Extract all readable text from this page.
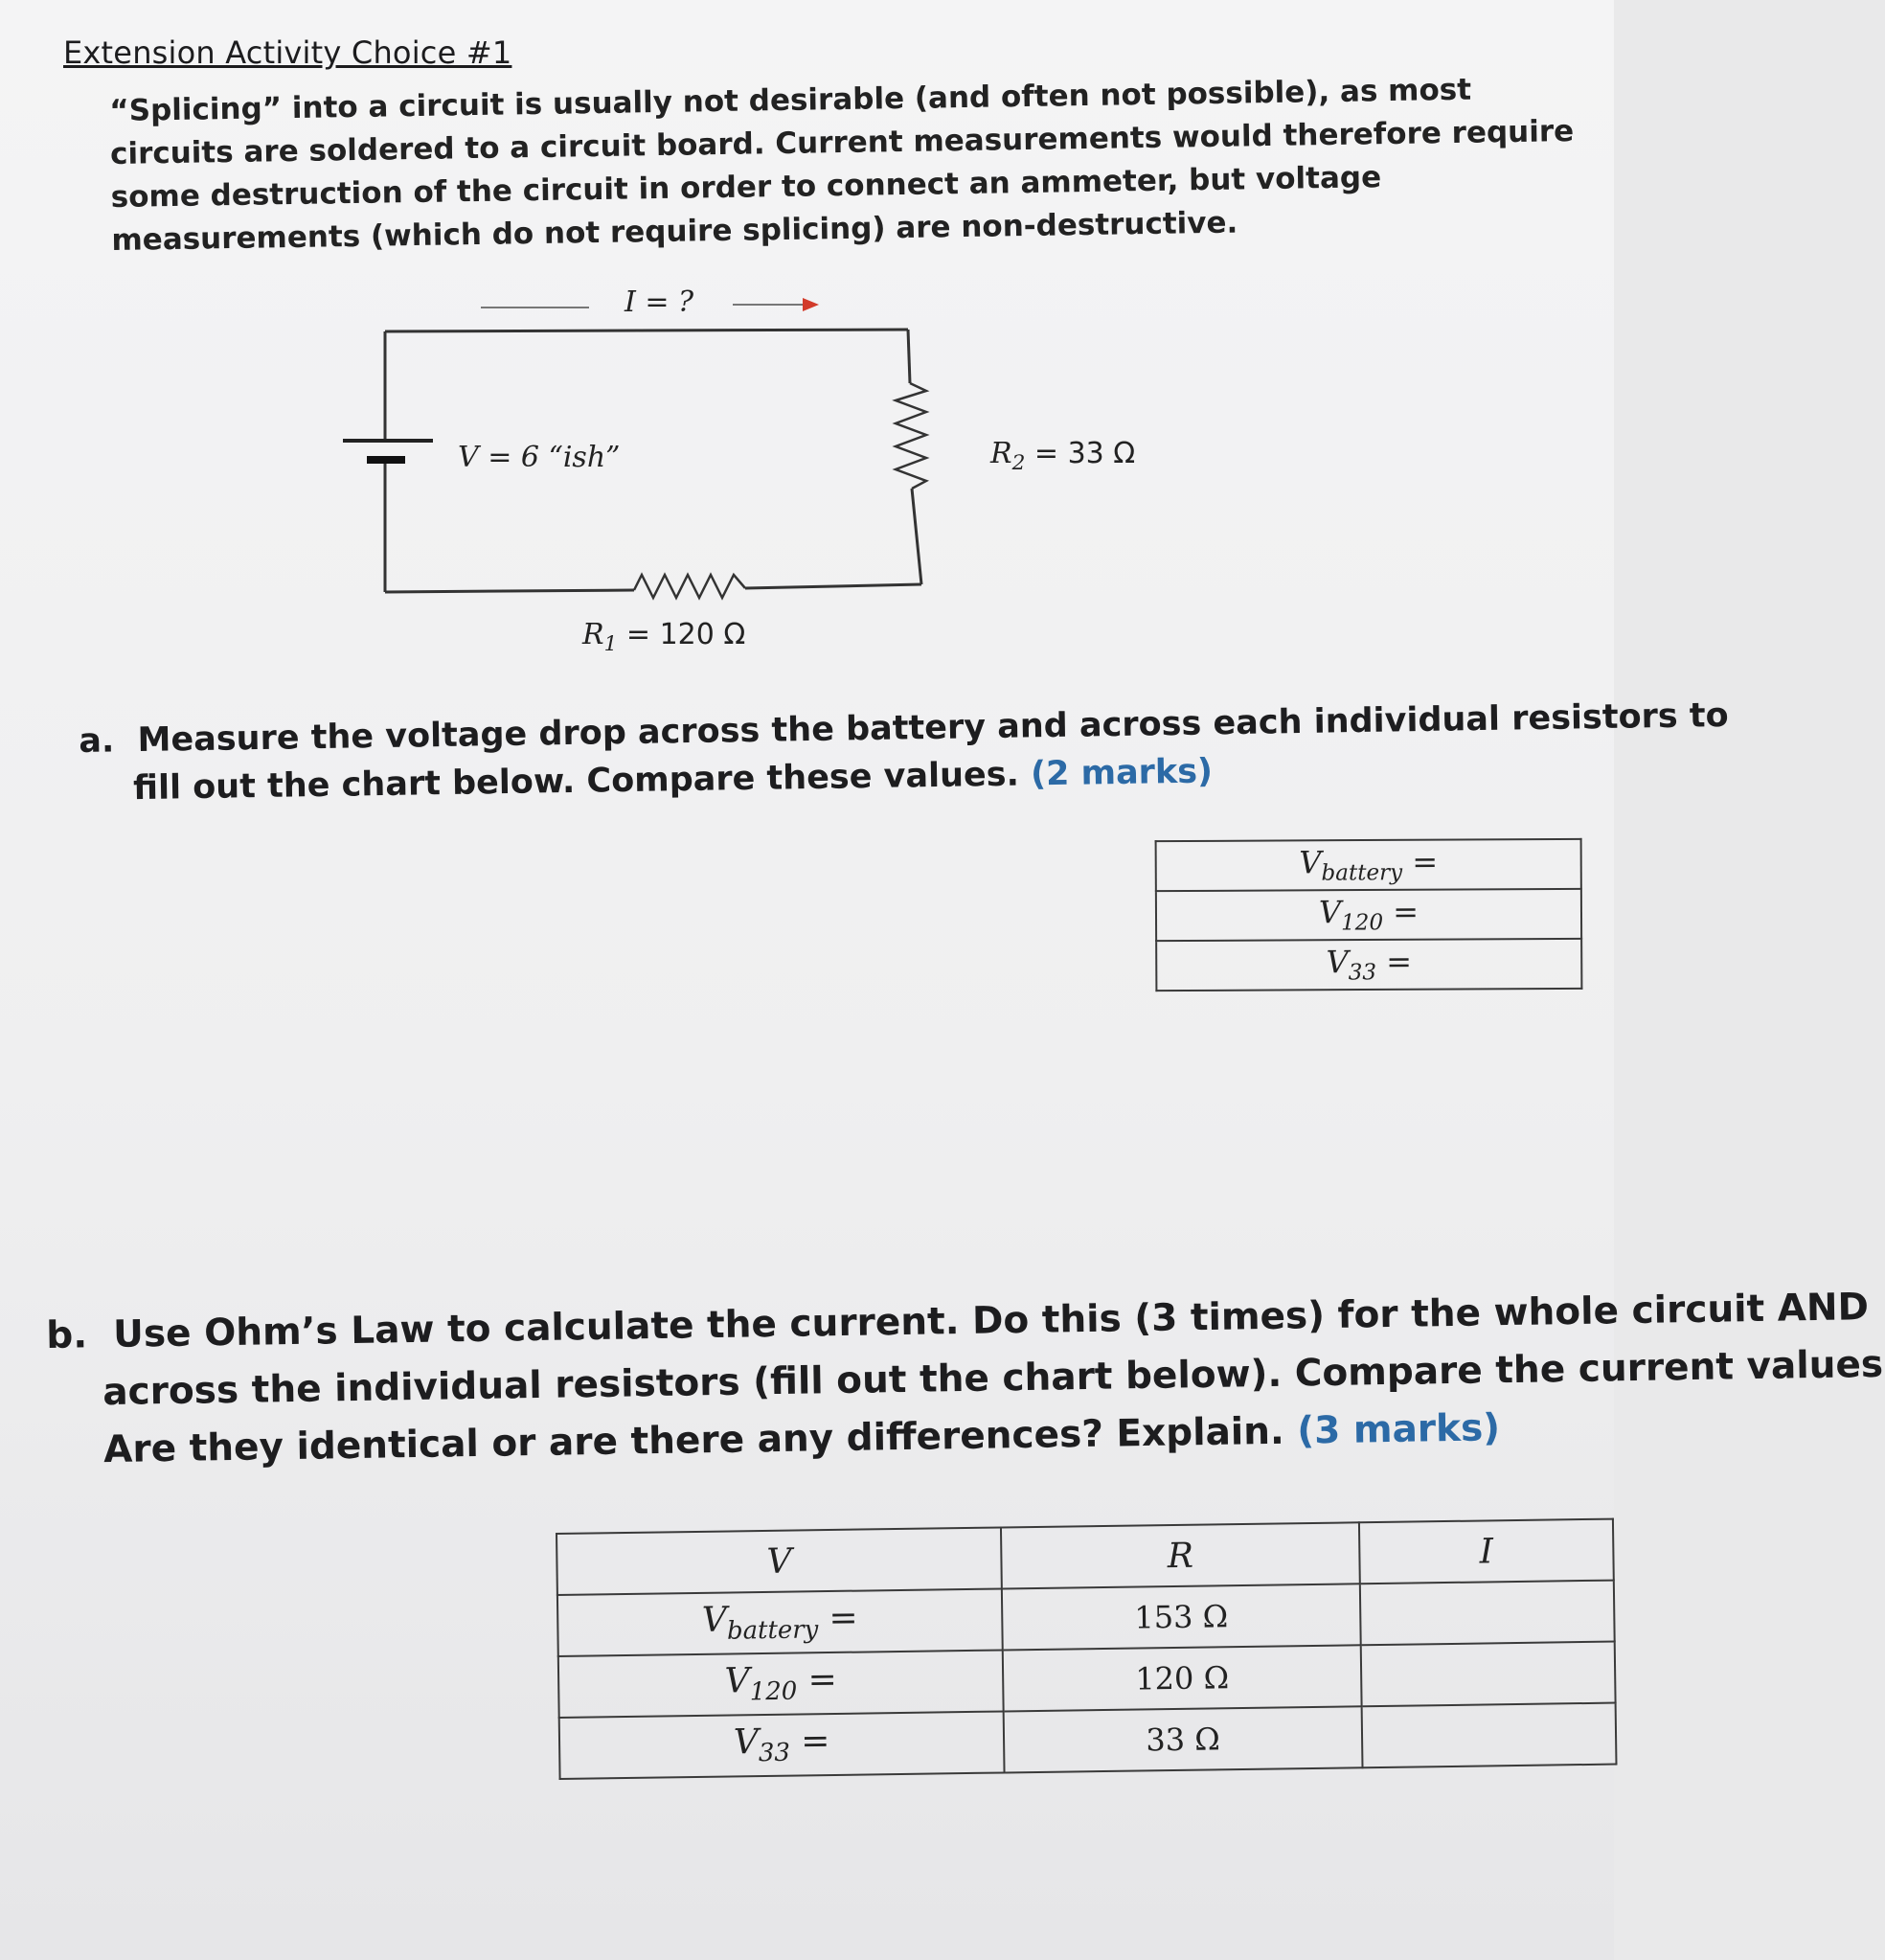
Extension Activity Choice #1
“Splicing” into a circuit is usually not desirable (and often not possible), as most
circuits are soldered to a circuit board. Current measurements would therefore require
some destruction of the circuit in order to connect an ammeter, but voltage
measurements (which do not require splicing) are non-destructive.
I = ?
V = 6 “ish”	$R_2 = 33$ Ω
$R_1 = 120$ Ω
a. Measure the voltage drop across the battery and across each individual resistors to
fill out the chart below. Compare these values. (2 marks)
$V_{battery}$ =
$V_{120}$ =
$V_{33}$ =
b. Use Ohm’s Law to calculate the current. Do this (3 times) for the whole circuit AND
across the individual resistors (fill out the chart below). Compare the current values
Are they identical or are there any differences? Explain. (3 marks)
V	R	I
$V_{battery}$ =	153 Ω	
$V_{120}$ =	120 Ω	
$V_{33}$ =	33 Ω	
